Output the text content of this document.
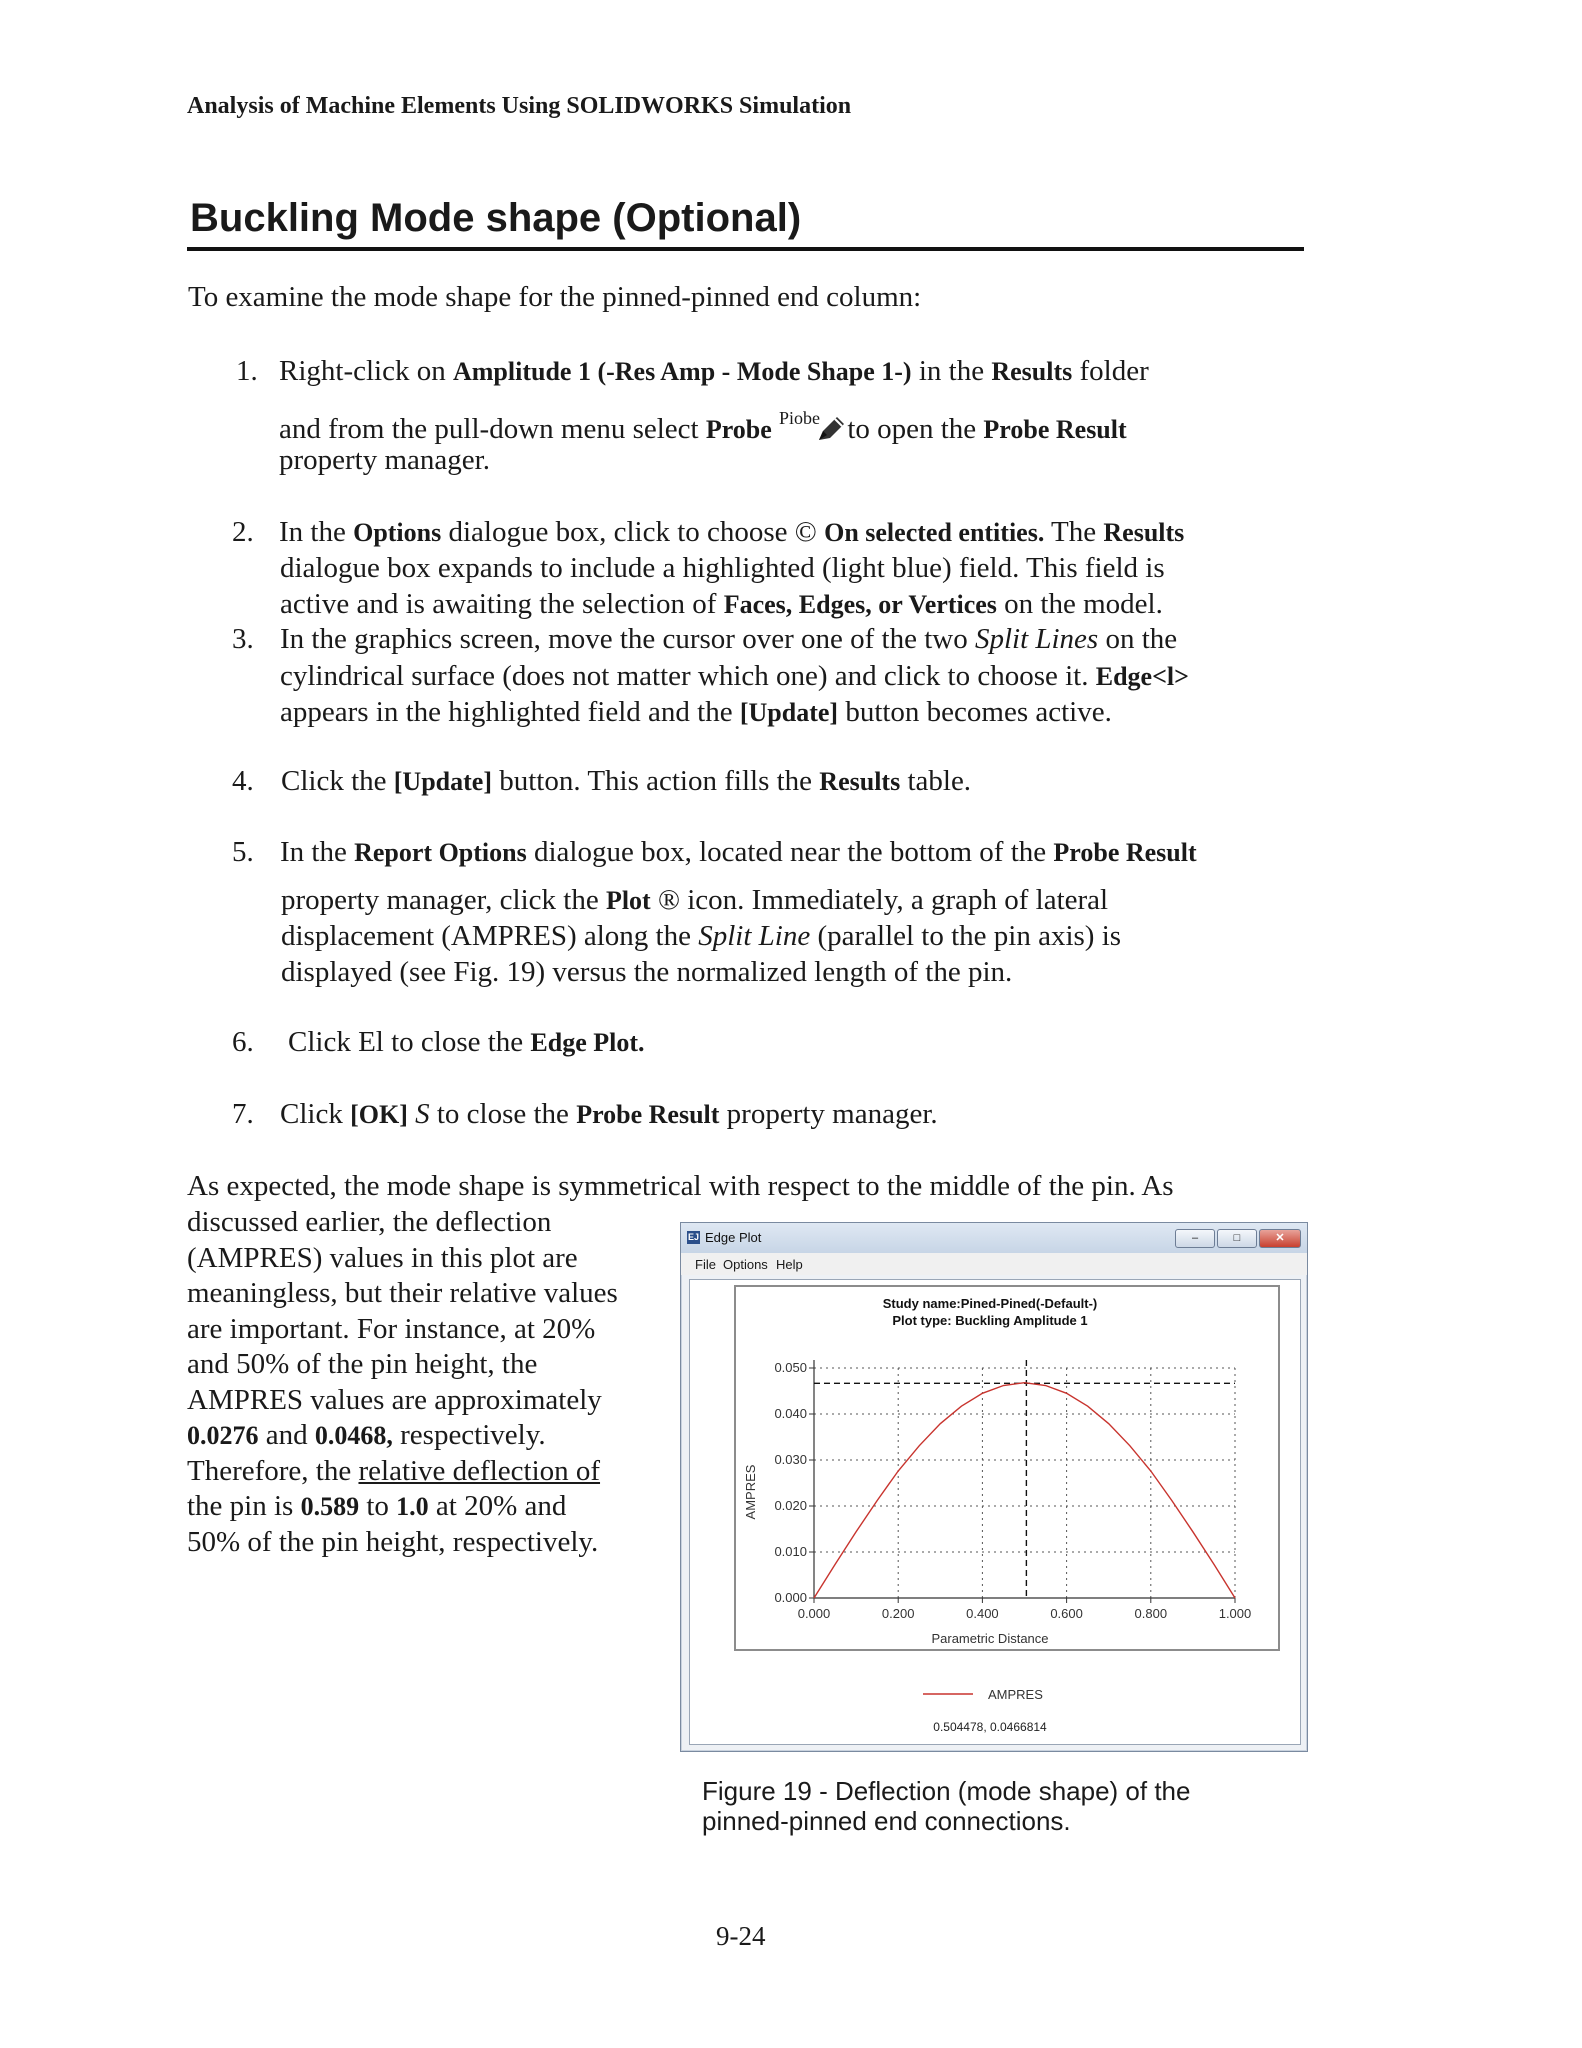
Analysis of Machine Elements Using SOLIDWORKS Simulation
Buckling Mode shape (Optional)
To examine the mode shape for the pinned-pinned end column:
1. Right-click on Amplitude 1 (-Res Amp - Mode Shape 1-) in the Results folder
and from the pull-down menu select Probe $^{Piobe}$ to open the Probe Result
property manager.
2. In the Options dialogue box, click to choose © On selected entities. The Results
dialogue box expands to include a highlighted (light blue) field. This field is
active and is awaiting the selection of Faces, Edges, or Vertices on the model.
3. In the graphics screen, move the cursor over one of the two Split Lines on the
cylindrical surface (does not matter which one) and click to choose it. Edge<l>
appears in the highlighted field and the [Update] button becomes active.
4. Click the [Update] button. This action fills the Results table.
5. In the Report Options dialogue box, located near the bottom of the Probe Result
property manager, click the Plot ® icon. Immediately, a graph of lateral
displacement (AMPRES) along the Split Line (parallel to the pin axis) is
displayed (see Fig. 19) versus the normalized length of the pin.
6. Click El to close the Edge Plot.
7. Click [OK] S to close the Probe Result property manager.
As expected, the mode shape is symmetrical with respect to the middle of the pin. As
discussed earlier, the deflection
(AMPRES) values in this plot are
meaningless, but their relative values
are important. For instance, at 20%
and 50% of the pin height, the
AMPRES values are approximately
0.0276 and 0.0468, respectively.
Therefore, the relative deflection of
the pin is 0.589 to 1.0 at 20% and
50% of the pin height, respectively.
EJ Edge Plot	–	□	✕
File Options Help
Study name:Pined-Pined(-Default-)
Plot type: Buckling Amplitude 1
0.000
0.010
0.020
0.030
0.040
0.050
0.000	0.200	0.400	0.600	0.800	1.000
Parametric Distance
AMPRES
AMPRES
0.504478, 0.0466814
Figure 19 - Deflection (mode shape) of the
pinned-pinned end connections.
9-24
